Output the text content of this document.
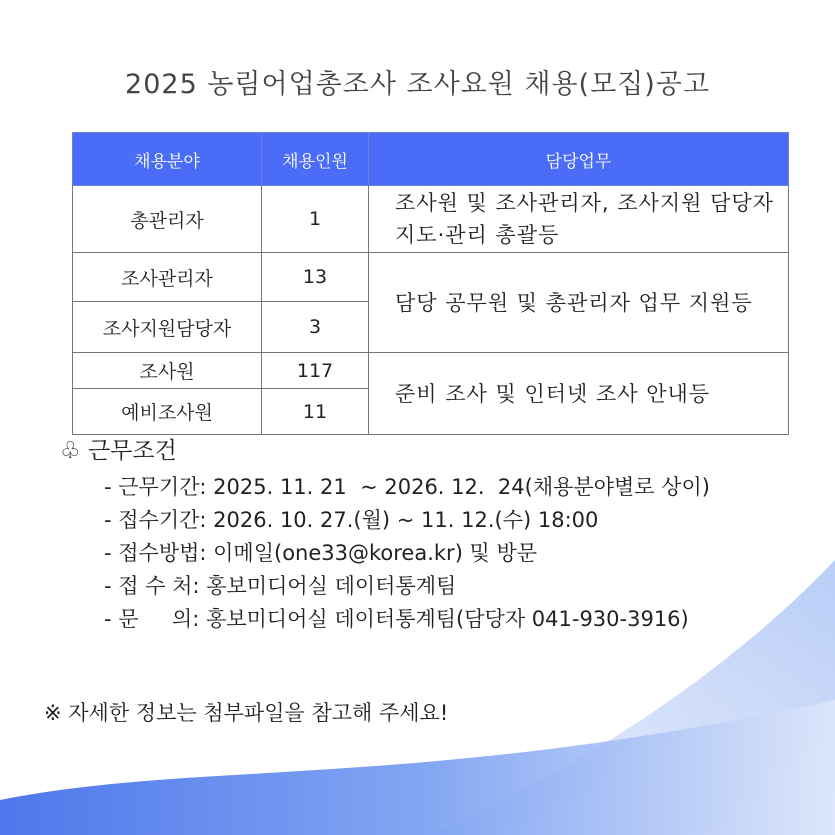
2025 농림어업총조사 조사요원 채용(모집)공고
채용분야	채용인원	담당업무
총관리자	1	조사원 및 조사관리자, 조사지원 담당자 지도·관리 총괄등
조사관리자	13	담당 공무원 및 총관리자 업무 지원등
조사지원담당자	3	
조사원	117	준비 조사 및 인터넷 조사 안내등
예비조사원	11	
♧ 근무조건
- 근무기간: 2025. 11. 21  ~ 2026. 12.  24(채용분야별로 상이)
- 접수기간: 2026. 10. 27.(월) ~ 11. 12.(수) 18:00
- 접수방법: 이메일(one33@korea.kr) 및 방문
- 접 수 처: 홍보미디어실 데이터통계팀
- 문     의: 홍보미디어실 데이터통계팀(담당자 041-930-3916)
※ 자세한 정보는 첨부파일을 참고해 주세요!
